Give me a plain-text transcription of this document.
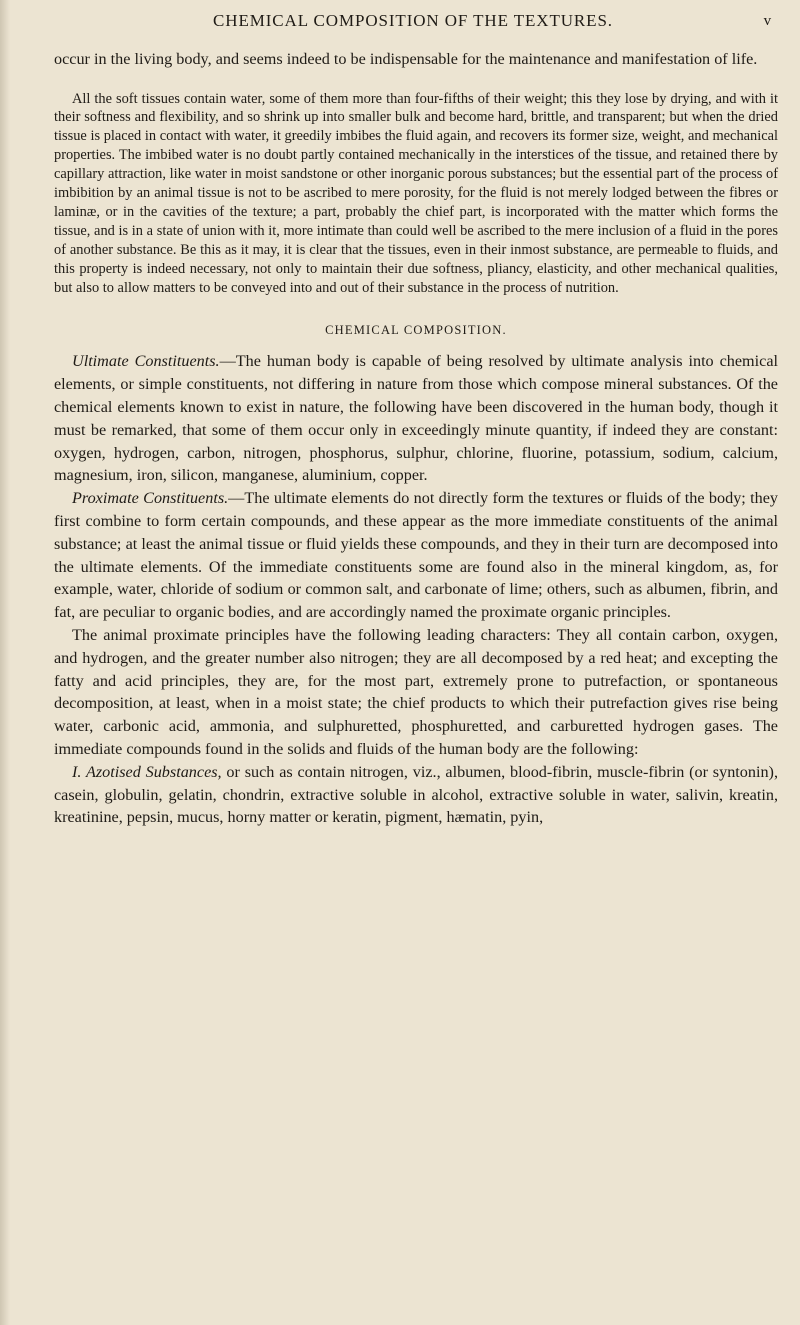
CHEMICAL COMPOSITION OF THE TEXTURES.	v

occur in the living body, and seems indeed to be indispensable for the maintenance and manifestation of life.

All the soft tissues contain water, some of them more than four-fifths of their weight; this they lose by drying, and with it their softness and flexibility, and so shrink up into smaller bulk and become hard, brittle, and transparent; but when the dried tissue is placed in contact with water, it greedily imbibes the fluid again, and recovers its former size, weight, and mechanical properties. The imbibed water is no doubt partly contained mechanically in the interstices of the tissue, and retained there by capillary attraction, like water in moist sandstone or other inorganic porous substances; but the essential part of the process of imbibition by an animal tissue is not to be ascribed to mere porosity, for the fluid is not merely lodged between the fibres or laminæ, or in the cavities of the texture; a part, probably the chief part, is incorporated with the matter which forms the tissue, and is in a state of union with it, more intimate than could well be ascribed to the mere inclusion of a fluid in the pores of another substance. Be this as it may, it is clear that the tissues, even in their inmost substance, are permeable to fluids, and this property is indeed necessary, not only to maintain their due softness, pliancy, elasticity, and other mechanical qualities, but also to allow matters to be conveyed into and out of their substance in the process of nutrition.

CHEMICAL COMPOSITION.

Ultimate Constituents.—The human body is capable of being resolved by ultimate analysis into chemical elements, or simple constituents, not differing in nature from those which compose mineral substances. Of the chemical elements known to exist in nature, the following have been discovered in the human body, though it must be remarked, that some of them occur only in exceedingly minute quantity, if indeed they are constant: oxygen, hydrogen, carbon, nitrogen, phosphorus, sulphur, chlorine, fluorine, potassium, sodium, calcium, magnesium, iron, silicon, manganese, aluminium, copper.

Proximate Constituents.—The ultimate elements do not directly form the textures or fluids of the body; they first combine to form certain compounds, and these appear as the more immediate constituents of the animal substance; at least the animal tissue or fluid yields these compounds, and they in their turn are decomposed into the ultimate elements. Of the immediate constituents some are found also in the mineral kingdom, as, for example, water, chloride of sodium or common salt, and carbonate of lime; others, such as albumen, fibrin, and fat, are peculiar to organic bodies, and are accordingly named the proximate organic principles.

The animal proximate principles have the following leading characters: They all contain carbon, oxygen, and hydrogen, and the greater number also nitrogen; they are all decomposed by a red heat; and excepting the fatty and acid principles, they are, for the most part, extremely prone to putrefaction, or spontaneous decomposition, at least, when in a moist state; the chief products to which their putrefaction gives rise being water, carbonic acid, ammonia, and sulphuretted, phosphuretted, and carburetted hydrogen gases. The immediate compounds found in the solids and fluids of the human body are the following:

I. Azotised Substances, or such as contain nitrogen, viz., albumen, blood-fibrin, muscle-fibrin (or syntonin), casein, globulin, gelatin, chondrin, extractive soluble in alcohol, extractive soluble in water, salivin, kreatin, kreatinine, pepsin, mucus, horny matter or keratin, pigment, hæmatin, pyin,
